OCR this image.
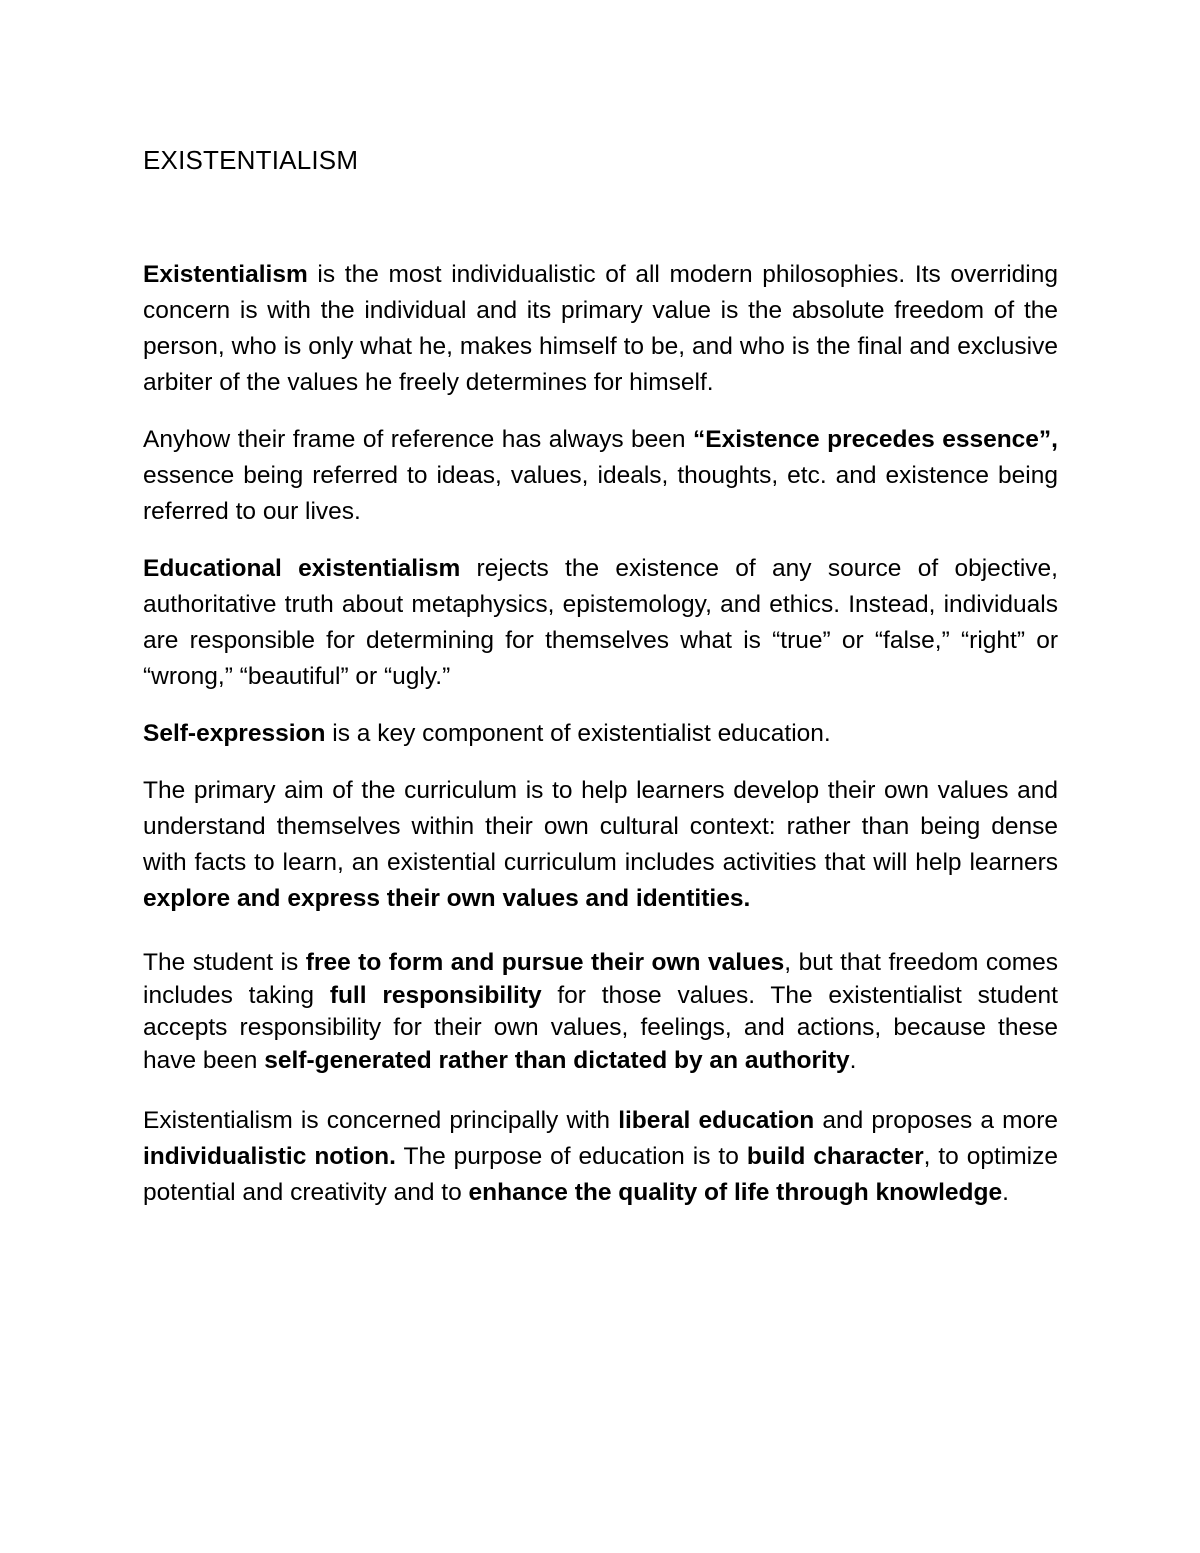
EXISTENTIALISM

Existentialism is the most individualistic of all modern philosophies. Its overriding concern is with the individual and its primary value is the absolute freedom of the person, who is only what he, makes himself to be, and who is the final and exclusive arbiter of the values he freely determines for himself.

Anyhow their frame of reference has always been “Existence precedes essence”, essence being referred to ideas, values, ideals, thoughts, etc. and existence being referred to our lives.

Educational existentialism rejects the existence of any source of objective, authoritative truth about metaphysics, epistemology, and ethics. Instead, individuals are responsible for determining for themselves what is “true” or “false,” “right” or “wrong,” “beautiful” or “ugly.”

Self-expression is a key component of existentialist education.

The primary aim of the curriculum is to help learners develop their own values and understand themselves within their own cultural context: rather than being dense with facts to learn, an existential curriculum includes activities that will help learners explore and express their own values and identities.

The student is free to form and pursue their own values, but that freedom comes includes taking full responsibility for those values. The existentialist student accepts responsibility for their own values, feelings, and actions, because these have been self-generated rather than dictated by an authority.

Existentialism is concerned principally with liberal education and proposes a more individualistic notion. The purpose of education is to build character, to optimize potential and creativity and to enhance the quality of life through knowledge.
